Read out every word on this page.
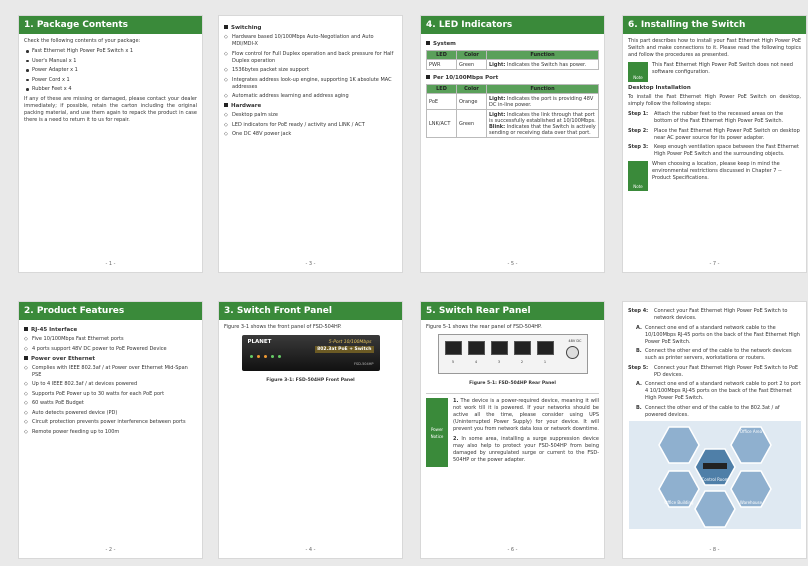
1. Package Contents

Check the following contents of your package:

Fast Ethernet High Power PoE Switch x 1
User's Manual x 1
Power Adapter x 1
Power Cord x 1
Rubber Feet x 4

If any of these are missing or damaged, please contact your dealer immediately; if possible, retain the carton including the original packing material, and use them again to repack the product in case there is a need to return it to us for repair.

- 1 -
Switching
◇ Hardware based 10/100Mbps Auto-Negotiation and Auto MDI/MDI-X
◇ Flow control for Full Duplex operation and back pressure for Half Duplex operation
◇ 1536bytes packet size support
◇ Integrates address look-up engine, supporting 1K absolute MAC addresses
◇ Automatic address learning and address aging
Hardware
◇ Desktop palm size
◇ LED indicators for PoE ready / activity and LINK / ACT
◇ One DC 48V power jack
- 3 -
4. LED Indicators
System
LED	Color	Function
PWR	Green	Light: Indicates the Switch has power.
Per 10/100Mbps Port
LED	Color	Function
PoE	Orange	Light: Indicates the port is providing 48V DC in-line power.
LNK/ACT	Green	Light: Indicates the link through that port is successfully established at 10/100Mbps.
Blink: Indicates that the Switch is actively sending or receiving data over that port.
- 5 -
6. Installing the Switch

This part describes how to install your Fast Ethernet High Power PoE Switch and make connections to it. Please read the following topics and follow the procedures as presented.

Note
This Fast Ethernet High Power PoE Switch does not need software configuration.
Desktop Installation

To install the Fast Ethernet High Power PoE Switch on desktop, simply follow the following steps:

Step 1:	Attach the rubber feet to the recessed areas on the bottom of the Fast Ethernet High Power PoE Switch.
Step 2:	Place the Fast Ethernet High Power PoE Switch on desktop near AC power source for its power adapter.
Step 3:	Keep enough ventilation space between the Fast Ethernet High Power PoE Switch and the surrounding objects.
Note
When choosing a location, please keep in mind the environmental restrictions discussed in Chapter 7 -- Product Specifications.
- 7 -
2. Product Features
RJ-45 Interface
◇ Five 10/100Mbps Fast Ethernet ports
◇ 4 ports support 48V DC power to PoE Powered Device
Power over Ethernet
◇ Complies with IEEE 802.3af / at Power over Ethernet Mid-Span PSE
◇ Up to 4 IEEE 802.3af / at devices powered
◇ Supports PoE Power up to 30 watts for each PoE port
◇ 60 watts PoE Budget
◇ Auto detects powered device (PD)
◇ Circuit protection prevents power interference between ports
◇ Remote power feeding up to 100m
- 2 -
3. Switch Front Panel

Figure 3-1 shows the front panel of FSD-504HP.

PLANET	5-Port 10/100Mbps
802.3at PoE + Switch
FSD-504HP
Figure 3-1: FSD-504HP Front Panel
- 4 -
5. Switch Rear Panel

Figure 5-1 shows the rear panel of FSD-504HP.

5	4	3	2	1
48V DC
Figure 5-1: FSD-504HP Rear Panel
Power Notice

1. The device is a power-required device, meaning it will not work till it is powered. If your networks should be active all the time, please consider using UPS (Uninterrupted Power Supply) for your device. It will prevent you from network data loss or network downtime.

2. In some area, installing a surge suppression device may also help to protect your FSD-504HP from being damaged by unregulated surge or current to the FSD-504HP or the power adapter.

- 6 -
Step 4:	Connect your Fast Ethernet High Power PoE Switch to network devices.
A. Connect one end of a standard network cable to the 10/100Mbps RJ-45 ports on the back of the Fast Ethernet High Power PoE Switch.
B. Connect the other end of the cable to the network devices such as printer servers, workstations or routers.
Step 5:	Connect your Fast Ethernet High Power PoE Switch to PoE PD devices.
A. Connect one end of a standard network cable to port 2 to port 4 10/100Mbps RJ-45 ports on the back of the Fast Ethernet High Power PoE Switch.
B. Connect the other end of the cable to the 802.3at / af powered devices.
Office Area
Control Room
Office Building	Warehouse
- 8 -
